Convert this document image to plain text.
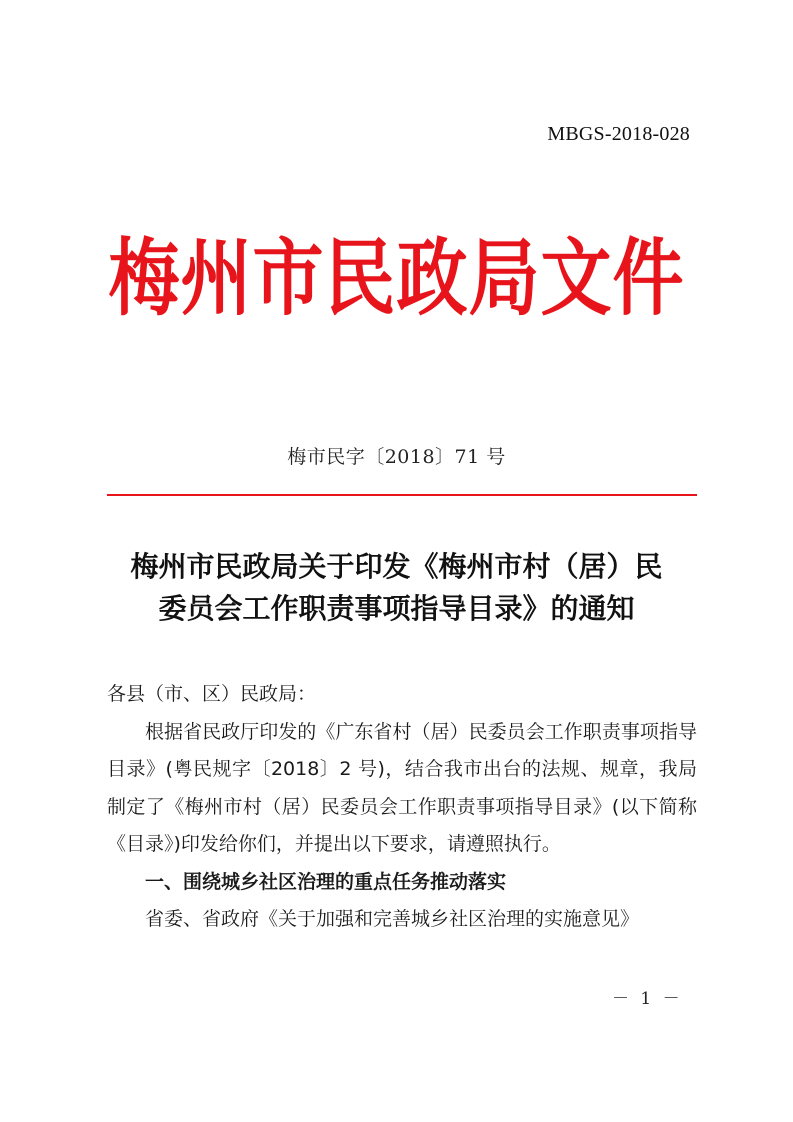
MBGS-2018-028
梅州市民政局文件
梅市民字〔2018〕71 号
梅州市民政局关于印发《梅州市村（居）民
委员会工作职责事项指导目录》的通知

各县（市、区）民政局：

根据省民政厅印发的《广东省村（居）民委员会工作职责事项指导目录》(粤民规字〔2018〕2 号)，结合我市出台的法规、规章，我局制定了《梅州市村（居）民委员会工作职责事项指导目录》(以下简称《目录》)印发给你们，并提出以下要求，请遵照执行。

一、围绕城乡社区治理的重点任务推动落实

省委、省政府《关于加强和完善城乡社区治理的实施意见》

－ 1 －
